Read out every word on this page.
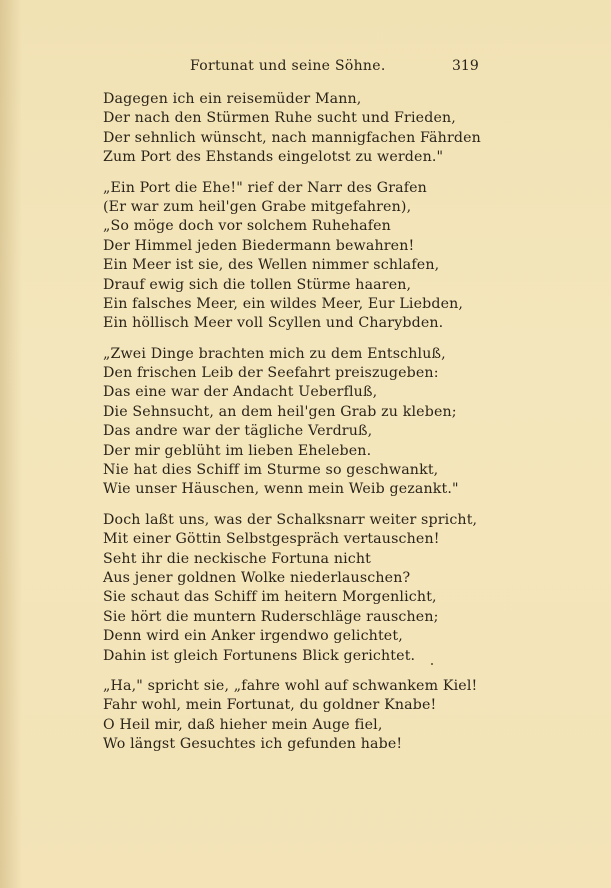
Fortunat und seine Söhne.	319
Dagegen ich ein reisemüder Mann,
Der nach den Stürmen Ruhe sucht und Frieden,
Der sehnlich wünscht, nach mannigfachen Fährden
Zum Port des Ehstands eingelotst zu werden."
„Ein Port die Ehe!" rief der Narr des Grafen
(Er war zum heil'gen Grabe mitgefahren),
„So möge doch vor solchem Ruhehafen
Der Himmel jeden Biedermann bewahren!
Ein Meer ist sie, des Wellen nimmer schlafen,
Drauf ewig sich die tollen Stürme haaren,
Ein falsches Meer, ein wildes Meer, Eur Liebden,
Ein höllisch Meer voll Scyllen und Charybden.
„Zwei Dinge brachten mich zu dem Entschluß,
Den frischen Leib der Seefahrt preiszugeben:
Das eine war der Andacht Ueberfluß,
Die Sehnsucht, an dem heil'gen Grab zu kleben;
Das andre war der tägliche Verdruß,
Der mir geblüht im lieben Eheleben.
Nie hat dies Schiff im Sturme so geschwankt,
Wie unser Häuschen, wenn mein Weib gezankt."
Doch laßt uns, was der Schalksnarr weiter spricht,
Mit einer Göttin Selbstgespräch vertauschen!
Seht ihr die neckische Fortuna nicht
Aus jener goldnen Wolke niederlauschen?
Sie schaut das Schiff im heitern Morgenlicht,
Sie hört die muntern Ruderschläge rauschen;
Denn wird ein Anker irgendwo gelichtet,
Dahin ist gleich Fortunens Blick gerichtet.
„Ha," spricht sie, „fahre wohl auf schwankem Kiel!
Fahr wohl, mein Fortunat, du goldner Knabe!
O Heil mir, daß hieher mein Auge fiel,
Wo längst Gesuchtes ich gefunden habe!
